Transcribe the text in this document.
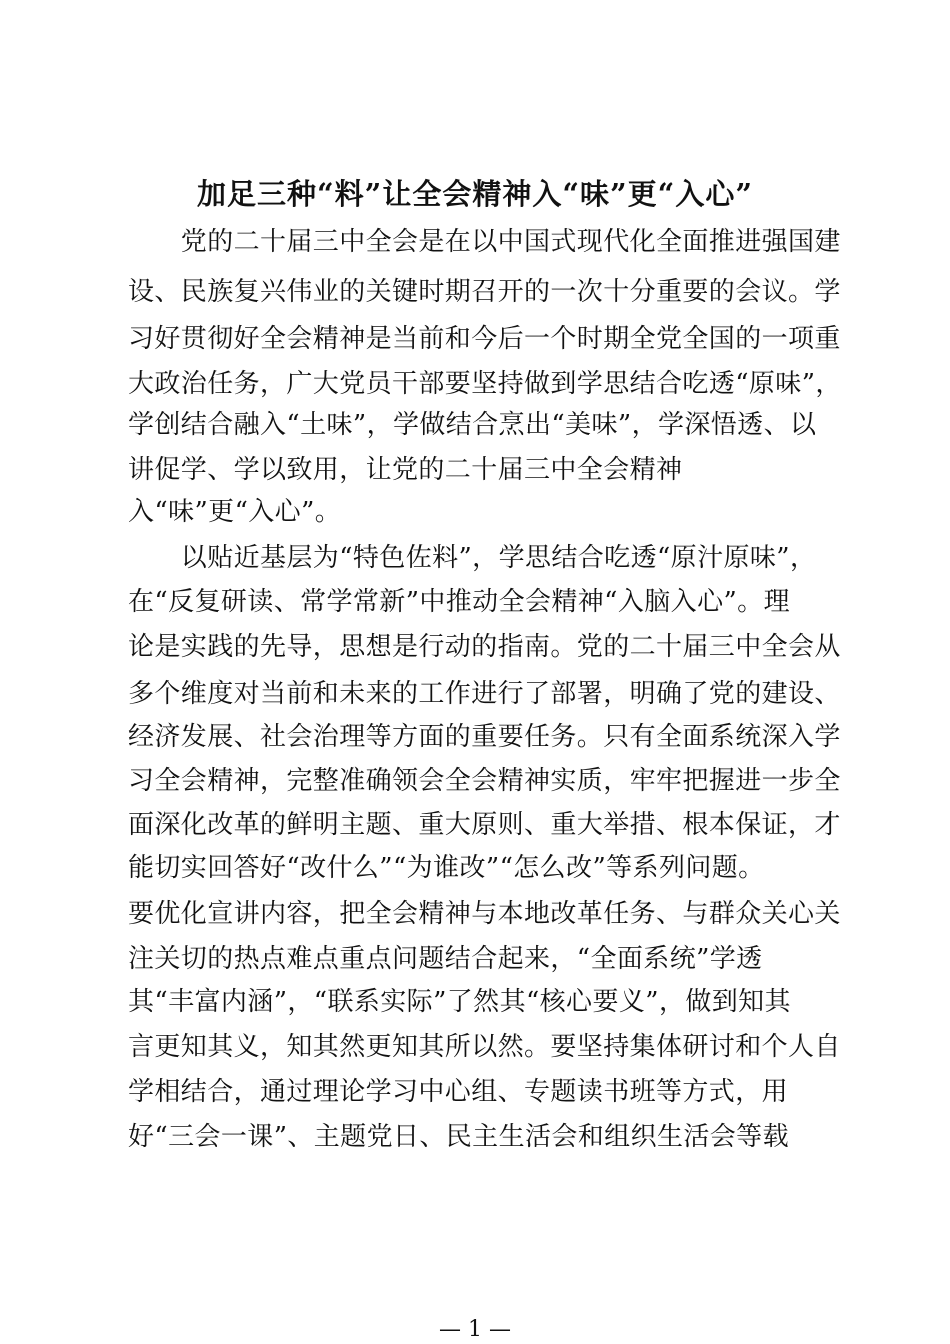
加足三种“料”让全会精神入“味”更“入心”
　　党的二十届三中全会是在以中国式现代化全面推进强国建
设、民族复兴伟业的关键时期召开的一次十分重要的会议。学
习好贯彻好全会精神是当前和今后一个时期全党全国的一项重
大政治任务，广大党员干部要坚持做到学思结合吃透“原味”，
学创结合融入“土味”，学做结合烹出“美味”，学深悟透、以
讲促学、学以致用，让党的二十届三中全会精神
入“味”更“入心”。
　　以贴近基层为“特色佐料”，学思结合吃透“原汁原味”，
在“反复研读、常学常新”中推动全会精神“入脑入心”。理
论是实践的先导，思想是行动的指南。党的二十届三中全会从
多个维度对当前和未来的工作进行了部署，明确了党的建设、
经济发展、社会治理等方面的重要任务。只有全面系统深入学
习全会精神，完整准确领会全会精神实质，牢牢把握进一步全
面深化改革的鲜明主题、重大原则、重大举措、根本保证，才
能切实回答好“改什么”“为谁改”“怎么改”等系列问题。
要优化宣讲内容，把全会精神与本地改革任务、与群众关心关
注关切的热点难点重点问题结合起来，“全面系统”学透
其“丰富内涵”，“联系实际”了然其“核心要义”，做到知其
言更知其义，知其然更知其所以然。要坚持集体研讨和个人自
学相结合，通过理论学习中心组、专题读书班等方式，用
好“三会一课”、主题党日、民主生活会和组织生活会等载
— 1 —
